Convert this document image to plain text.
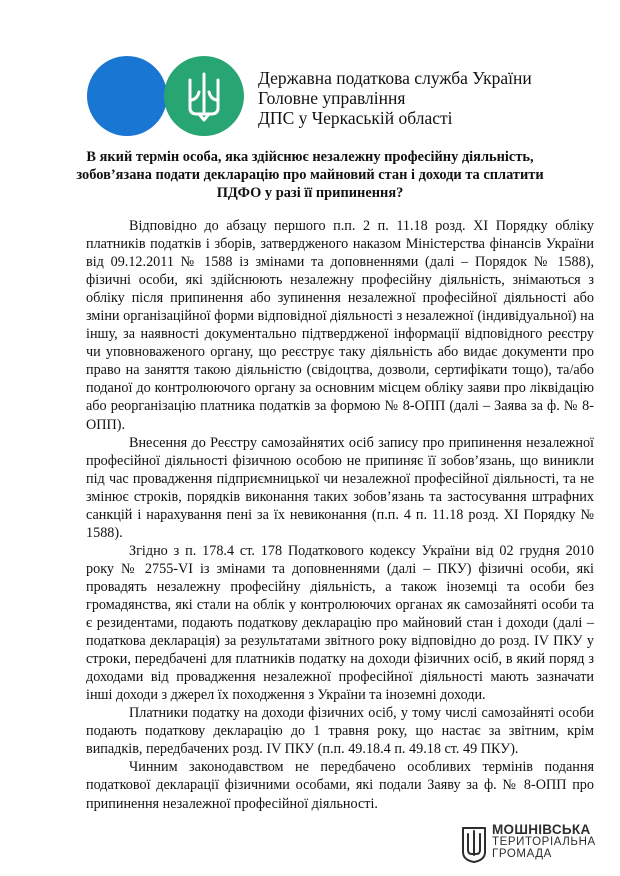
Державна податкова служба України
Головне управління
ДПС у Черкаській області
В який термін особа, яка здійснює незалежну професійну діяльність, зобов’язана подати декларацію про майновий стан і доходи та сплатити ПДФО у разі її припинення?

Відповідно до абзацу першого п.п. 2 п. 11.18 розд. XI Порядку обліку платників податків і зборів, затвердженого наказом Міністерства фінансів України від 09.12.2011 № 1588 із змінами та доповненнями (далі – Порядок № 1588), фізичні особи, які здійснюють незалежну професійну діяльність, знімаються з обліку після припинення або зупинення незалежної професійної діяльності або зміни організаційної форми відповідної діяльності з незалежної (індивідуальної) на іншу, за наявності документально підтвердженої інформації відповідного реєстру чи уповноваженого органу, що реєструє таку діяльність або видає документи про право на заняття такою діяльністю (свідоцтва, дозволи, сертифікати тощо), та/або поданої до контролюючого органу за основним місцем обліку заяви про ліквідацію або реорганізацію платника податків за формою № 8-ОПП (далі – Заява за ф. № 8-ОПП).

Внесення до Реєстру самозайнятих осіб запису про припинення незалежної професійної діяльності фізичною особою не припиняє її зобов’язань, що виникли під час провадження підприємницької чи незалежної професійної діяльності, та не змінює строків, порядків виконання таких зобов’язань та застосування штрафних санкцій і нарахування пені за їх невиконання (п.п. 4 п. 11.18 розд. XI Порядку № 1588).

Згідно з п. 178.4 ст. 178 Податкового кодексу України від 02 грудня 2010 року № 2755-VI із змінами та доповненнями (далі – ПКУ) фізичні особи, які провадять незалежну професійну діяльність, а також іноземці та особи без громадянства, які стали на облік у контролюючих органах як самозайняті особи та є резидентами, подають податкову декларацію про майновий стан і доходи (далі – податкова декларація) за результатами звітного року відповідно до розд. IV ПКУ у строки, передбачені для платників податку на доходи фізичних осіб, в який поряд з доходами від провадження незалежної професійної діяльності мають зазначати інші доходи з джерел їх походження з України та іноземні доходи.

Платники податку на доходи фізичних осіб, у тому числі самозайняті особи подають податкову декларацію до 1 травня року, що настає за звітним, крім випадків, передбачених розд. IV ПКУ (п.п. 49.18.4 п. 49.18 ст. 49 ПКУ).

Чинним законодавством не передбачено особливих термінів подання податкової декларації фізичними особами, які подали Заяву за ф. № 8-ОПП про припинення незалежної професійної діяльності.

МОШНІВСЬКА
ТЕРИТОРІАЛЬНА
ГРОМАДА
